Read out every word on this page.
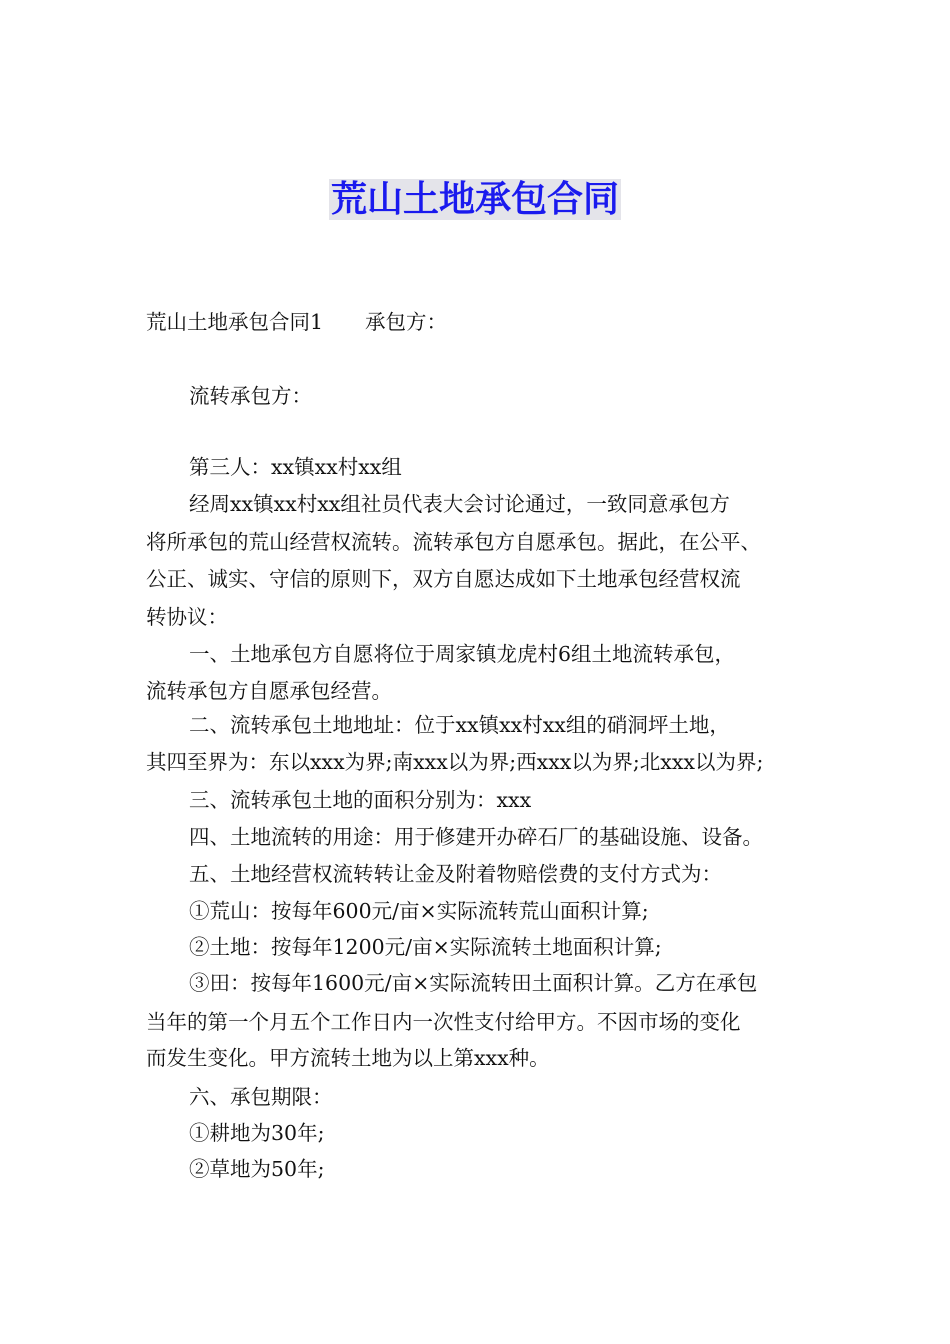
荒山土地承包合同
荒山土地承包合同1 承包方：
流转承包方：
第三人：xx镇xx村xx组
经周xx镇xx村xx组社员代表大会讨论通过，一致同意承包方
将所承包的荒山经营权流转。流转承包方自愿承包。据此，在公平、
公正、诚实、守信的原则下，双方自愿达成如下土地承包经营权流
转协议：
一、土地承包方自愿将位于周家镇龙虎村6组土地流转承包，
流转承包方自愿承包经营。
二、流转承包土地地址：位于xx镇xx村xx组的硝洞坪土地，
其四至界为：东以xxx为界;南xxx以为界;西xxx以为界;北xxx以为界;
三、流转承包土地的面积分别为：xxx
四、土地流转的用途：用于修建开办碎石厂的基础设施、设备。
五、土地经营权流转转让金及附着物赔偿费的支付方式为：
①荒山：按每年600元/亩×实际流转荒山面积计算;
②土地：按每年1200元/亩×实际流转土地面积计算;
③田：按每年1600元/亩×实际流转田土面积计算。乙方在承包
当年的第一个月五个工作日内一次性支付给甲方。不因市场的变化
而发生变化。甲方流转土地为以上第xxx种。
六、承包期限：
①耕地为30年;
②草地为50年;
